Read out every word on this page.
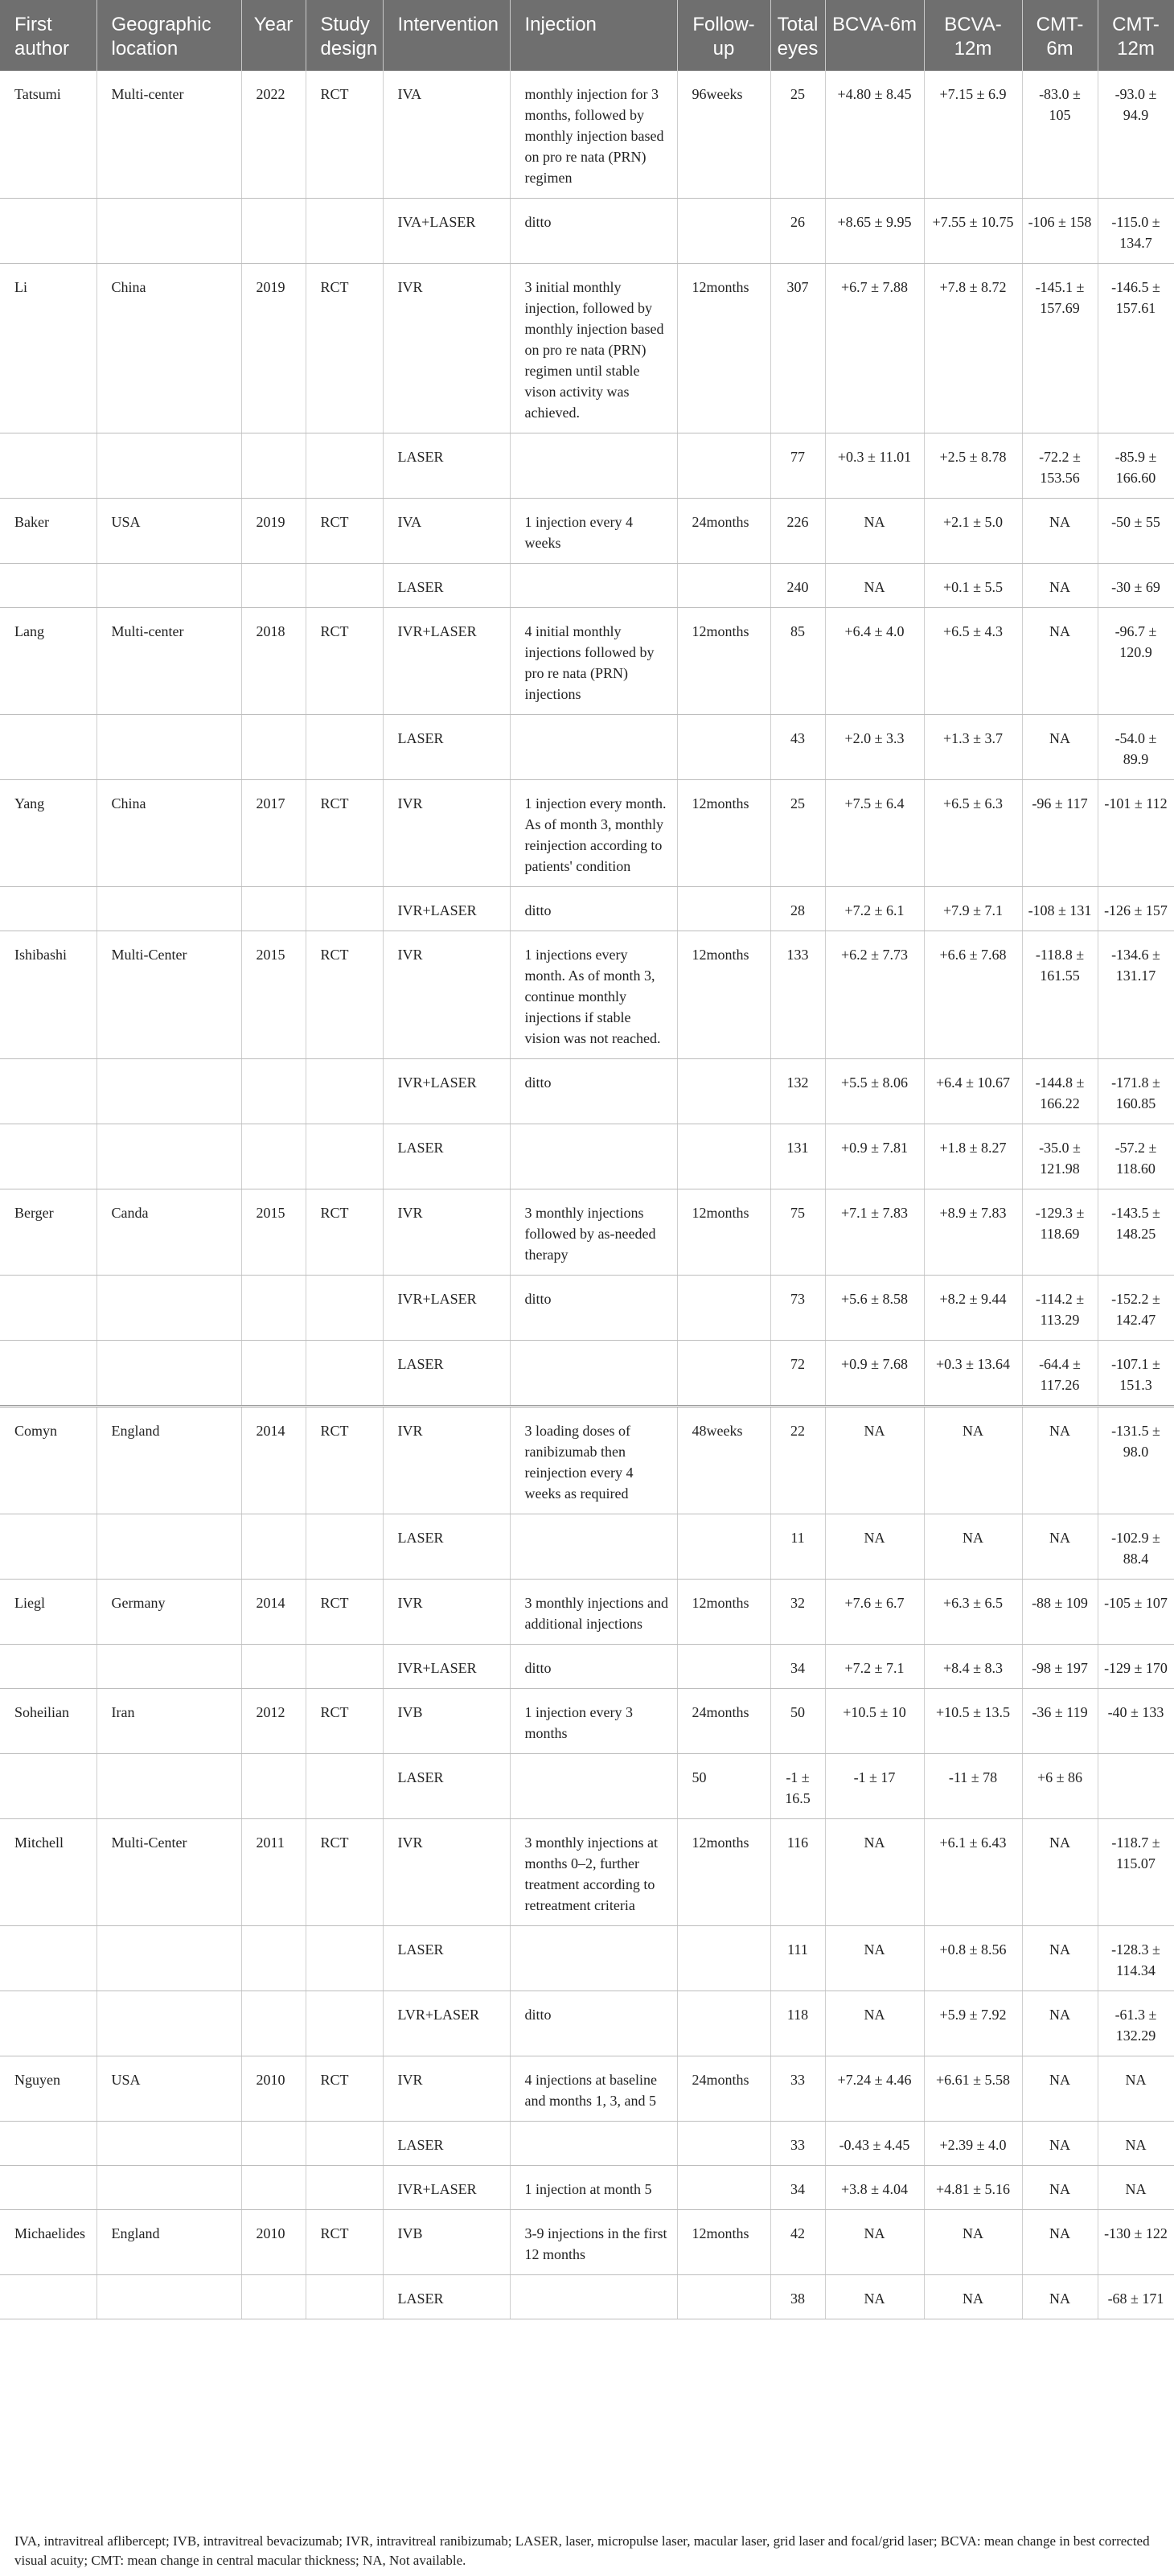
First author	Geographic location	Year	Study design	Intervention	Injection	Follow-up	Total eyes	BCVA-6m	BCVA-12m	CMT-6m	CMT-12m
Tatsumi	Multi-center	2022	RCT	IVA	monthly injection for 3 months, followed by monthly injection based on pro re nata (PRN) regimen	96weeks	25	+4.80 ± 8.45	+7.15 ± 6.9	-83.0 ± 105	-93.0 ± 94.9
				IVA+LASER	ditto		26	+8.65 ± 9.95	+7.55 ± 10.75	-106 ± 158	-115.0 ± 134.7
Li	China	2019	RCT	IVR	3 initial monthly injection, followed by monthly injection based on pro re nata (PRN) regimen until stable vison activity was achieved.	12months	307	+6.7 ± 7.88	+7.8 ± 8.72	-145.1 ± 157.69	-146.5 ± 157.61
				LASER			77	+0.3 ± 11.01	+2.5 ± 8.78	-72.2 ± 153.56	-85.9 ± 166.60
Baker	USA	2019	RCT	IVA	1 injection every 4 weeks	24months	226	NA	+2.1 ± 5.0	NA	-50 ± 55
				LASER			240	NA	+0.1 ± 5.5	NA	-30 ± 69
Lang	Multi-center	2018	RCT	IVR+LASER	4 initial monthly injections followed by pro re nata (PRN) injections	12months	85	+6.4 ± 4.0	+6.5 ± 4.3	NA	-96.7 ± 120.9
				LASER			43	+2.0 ± 3.3	+1.3 ± 3.7	NA	-54.0 ± 89.9
Yang	China	2017	RCT	IVR	1 injection every month. As of month 3, monthly reinjection according to patients' condition	12months	25	+7.5 ± 6.4	+6.5 ± 6.3	-96 ± 117	-101 ± 112
				IVR+LASER	ditto		28	+7.2 ± 6.1	+7.9 ± 7.1	-108 ± 131	-126 ± 157
Ishibashi	Multi-Center	2015	RCT	IVR	1 injections every month. As of month 3, continue monthly injections if stable vision was not reached.	12months	133	+6.2 ± 7.73	+6.6 ± 7.68	-118.8 ± 161.55	-134.6 ± 131.17
				IVR+LASER	ditto		132	+5.5 ± 8.06	+6.4 ± 10.67	-144.8 ± 166.22	-171.8 ± 160.85
				LASER			131	+0.9 ± 7.81	+1.8 ± 8.27	-35.0 ± 121.98	-57.2 ± 118.60
Berger	Canda	2015	RCT	IVR	3 monthly injections followed by as-needed therapy	12months	75	+7.1 ± 7.83	+8.9 ± 7.83	-129.3 ± 118.69	-143.5 ± 148.25
				IVR+LASER	ditto		73	+5.6 ± 8.58	+8.2 ± 9.44	-114.2 ± 113.29	-152.2 ± 142.47
				LASER			72	+0.9 ± 7.68	+0.3 ± 13.64	-64.4 ± 117.26	-107.1 ± 151.3
Comyn	England	2014	RCT	IVR	3 loading doses of ranibizumab then reinjection every 4 weeks as required	48weeks	22	NA	NA	NA	-131.5 ± 98.0
				LASER			11	NA	NA	NA	-102.9 ± 88.4
Liegl	Germany	2014	RCT	IVR	3 monthly injections and additional injections	12months	32	+7.6 ± 6.7	+6.3 ± 6.5	-88 ± 109	-105 ± 107
				IVR+LASER	ditto		34	+7.2 ± 7.1	+8.4 ± 8.3	-98 ± 197	-129 ± 170
Soheilian	Iran	2012	RCT	IVB	1 injection every 3 months	24months	50	+10.5 ± 10	+10.5 ± 13.5	-36 ± 119	-40 ± 133
				LASER		50	-1 ± 16.5	-1 ± 17	-11 ± 78	+6 ± 86	
Mitchell	Multi-Center	2011	RCT	IVR	3 monthly injections at months 0–2, further treatment according to retreatment criteria	12months	116	NA	+6.1 ± 6.43	NA	-118.7 ± 115.07
				LASER			111	NA	+0.8 ± 8.56	NA	-128.3 ± 114.34
				LVR+LASER	ditto		118	NA	+5.9 ± 7.92	NA	-61.3 ± 132.29
Nguyen	USA	2010	RCT	IVR	4 injections at baseline and months 1, 3, and 5	24months	33	+7.24 ± 4.46	+6.61 ± 5.58	NA	NA
				LASER			33	-0.43 ± 4.45	+2.39 ± 4.0	NA	NA
				IVR+LASER	1 injection at month 5		34	+3.8 ± 4.04	+4.81 ± 5.16	NA	NA
Michaelides	England	2010	RCT	IVB	3-9 injections in the first 12 months	12months	42	NA	NA	NA	-130 ± 122
				LASER			38	NA	NA	NA	-68 ± 171
IVA, intravitreal aflibercept; IVB, intravitreal bevacizumab; IVR, intravitreal ranibizumab; LASER, laser, micropulse laser, macular laser, grid laser and focal/grid laser; BCVA: mean change in best corrected visual acuity; CMT: mean change in central macular thickness; NA, Not available.
